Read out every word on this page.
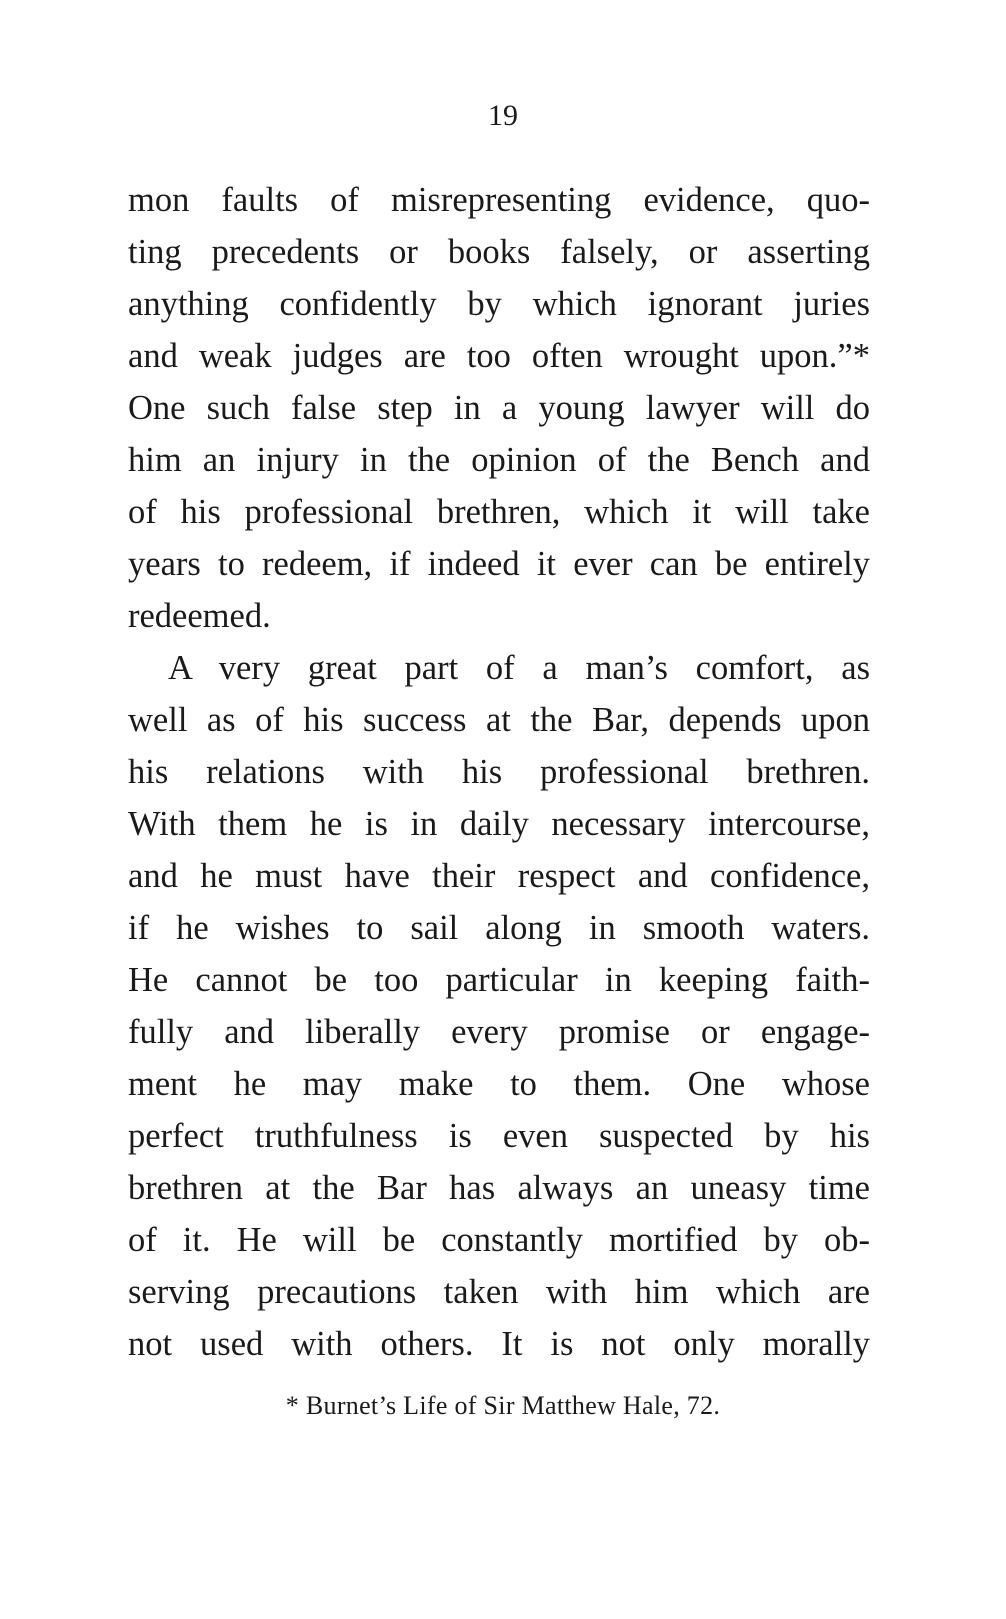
19
mon faults of misrepresenting evidence, quo-
ting precedents or books falsely, or asserting
anything confidently by which ignorant juries
and weak judges are too often wrought upon.”*
One such false step in a young lawyer will do
him an injury in the opinion of the Bench and
of his professional brethren, which it will take
years to redeem, if indeed it ever can be entirely
redeemed.
A very great part of a man’s comfort, as
well as of his success at the Bar, depends upon
his relations with his professional brethren.
With them he is in daily necessary intercourse,
and he must have their respect and confidence,
if he wishes to sail along in smooth waters.
He cannot be too particular in keeping faith-
fully and liberally every promise or engage-
ment he may make to them. One whose
perfect truthfulness is even suspected by his
brethren at the Bar has always an uneasy time
of it. He will be constantly mortified by ob-
serving precautions taken with him which are
not used with others. It is not only morally
* Burnet’s Life of Sir Matthew Hale, 72.
